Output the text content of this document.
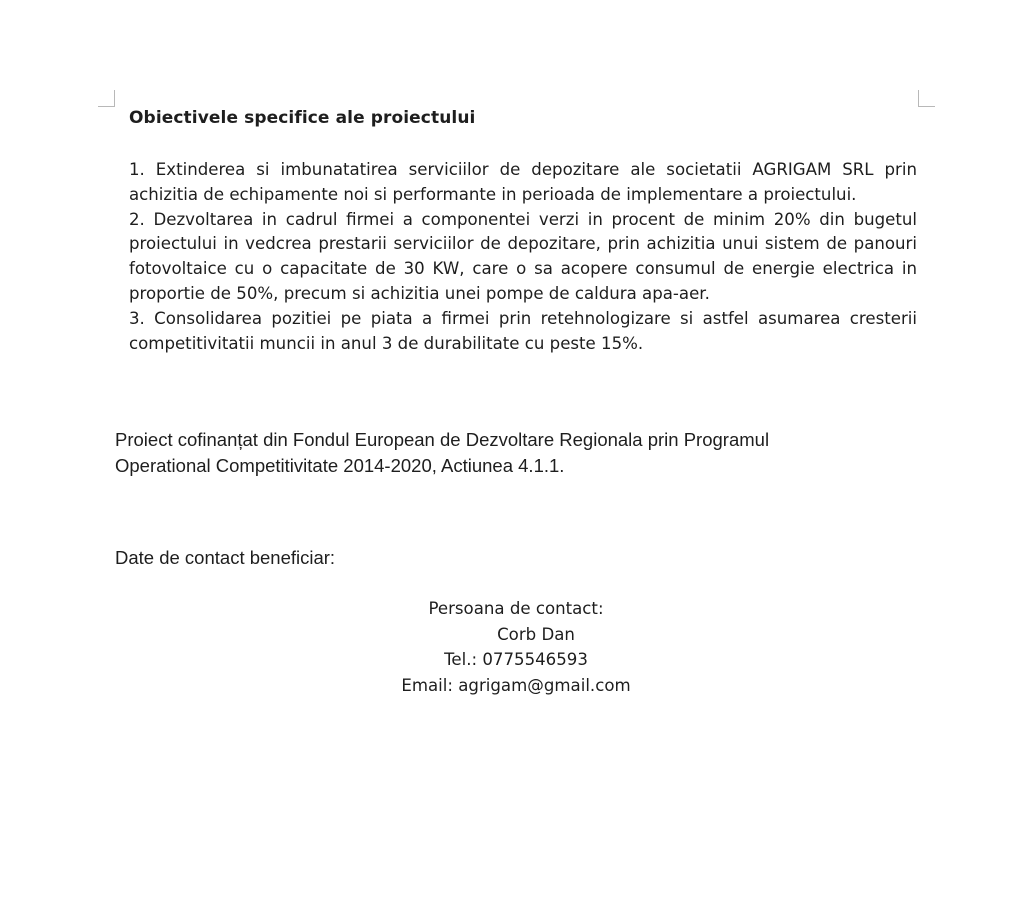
Obiectivele specifice ale proiectului

1. Extinderea si imbunatatirea serviciilor de depozitare ale societatii AGRIGAM SRL prin achizitia de echipamente noi si performante in perioada de implementare a proiectului.

2. Dezvoltarea in cadrul firmei a componentei verzi in procent de minim 20% din bugetul proiectului in vedcrea prestarii serviciilor de depozitare, prin achizitia unui sistem de panouri fotovoltaice cu o capacitate de 30 KW, care o sa acopere consumul de energie electrica in proportie de 50%, precum si achizitia unei pompe de caldura apa-aer.

3. Consolidarea pozitiei pe piata a firmei prin retehnologizare si astfel asumarea cresterii competitivitatii muncii in anul 3 de durabilitate cu peste 15%.

Proiect cofinanțat din Fondul European de Dezvoltare Regionala prin Programul

Operational Competitivitate 2014-2020, Actiunea 4.1.1.

Date de contact beneficiar:
Persoana de contact:
Corb Dan
Tel.: 0775546593
Email: agrigam@gmail.com
